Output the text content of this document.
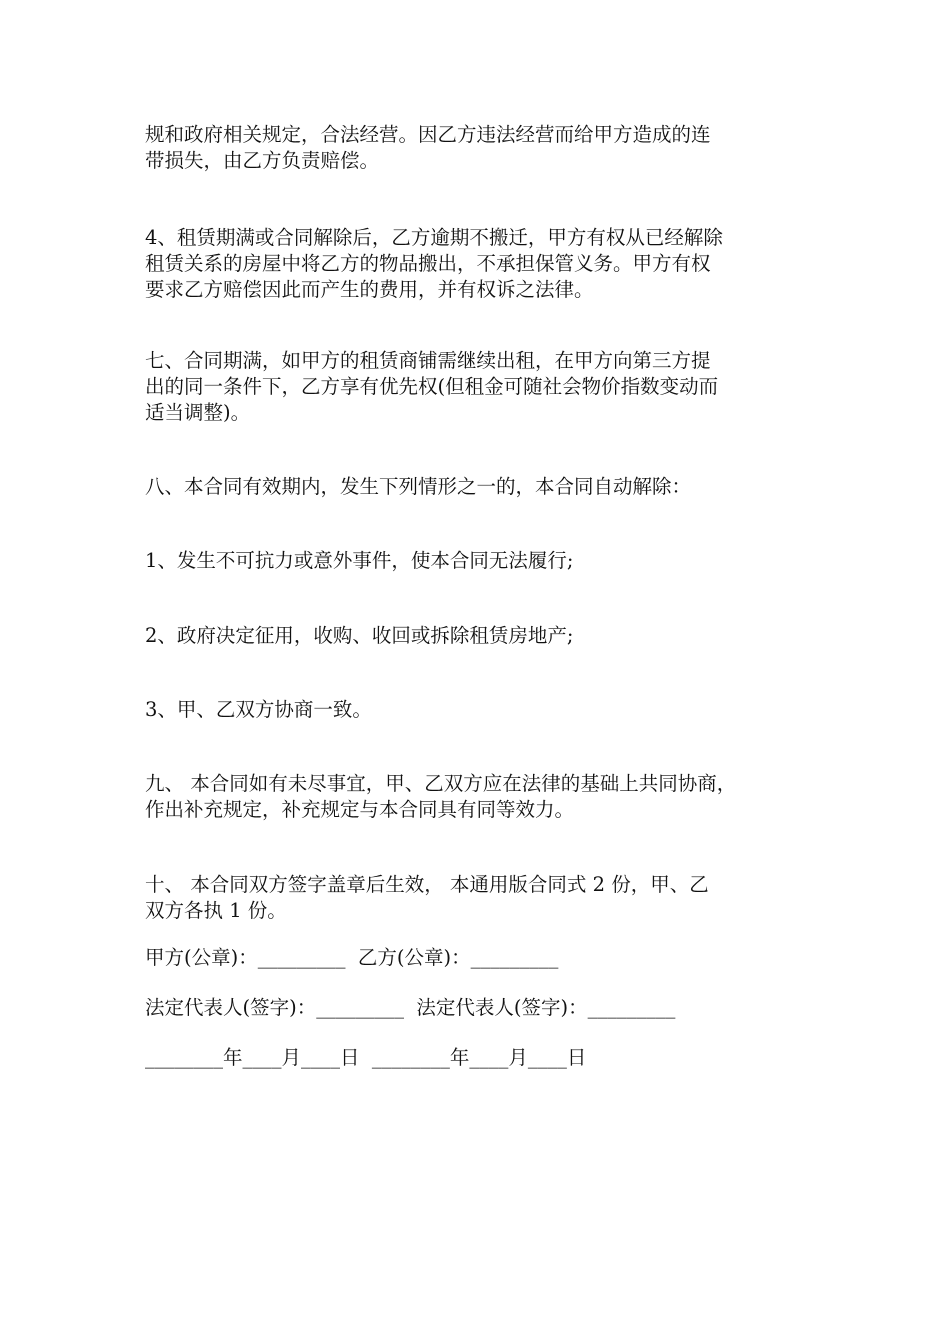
规和政府相关规定，合法经营。因乙方违法经营而给甲方造成的连
带损失，由乙方负责赔偿。
4、租赁期满或合同解除后，乙方逾期不搬迁，甲方有权从已经解除
租赁关系的房屋中将乙方的物品搬出，不承担保管义务。甲方有权
要求乙方赔偿因此而产生的费用，并有权诉之法律。
七、合同期满，如甲方的租赁商铺需继续出租，在甲方向第三方提
出的同一条件下，乙方享有优先权(但租金可随社会物价指数变动而
适当调整)。
八、本合同有效期内，发生下列情形之一的，本合同自动解除：
1、发生不可抗力或意外事件，使本合同无法履行;
2、政府决定征用，收购、收回或拆除租赁房地产;
3、甲、乙双方协商一致。
九、 本合同如有未尽事宜，甲、乙双方应在法律的基础上共同协商，
作出补充规定，补充规定与本合同具有同等效力。
十、 本合同双方签字盖章后生效， 本通用版合同式 2 份，甲、乙
双方各执 1 份。
甲方(公章)：_________  乙方(公章)：_________
法定代表人(签字)：_________  法定代表人(签字)：_________
________年____月____日  ________年____月____日
